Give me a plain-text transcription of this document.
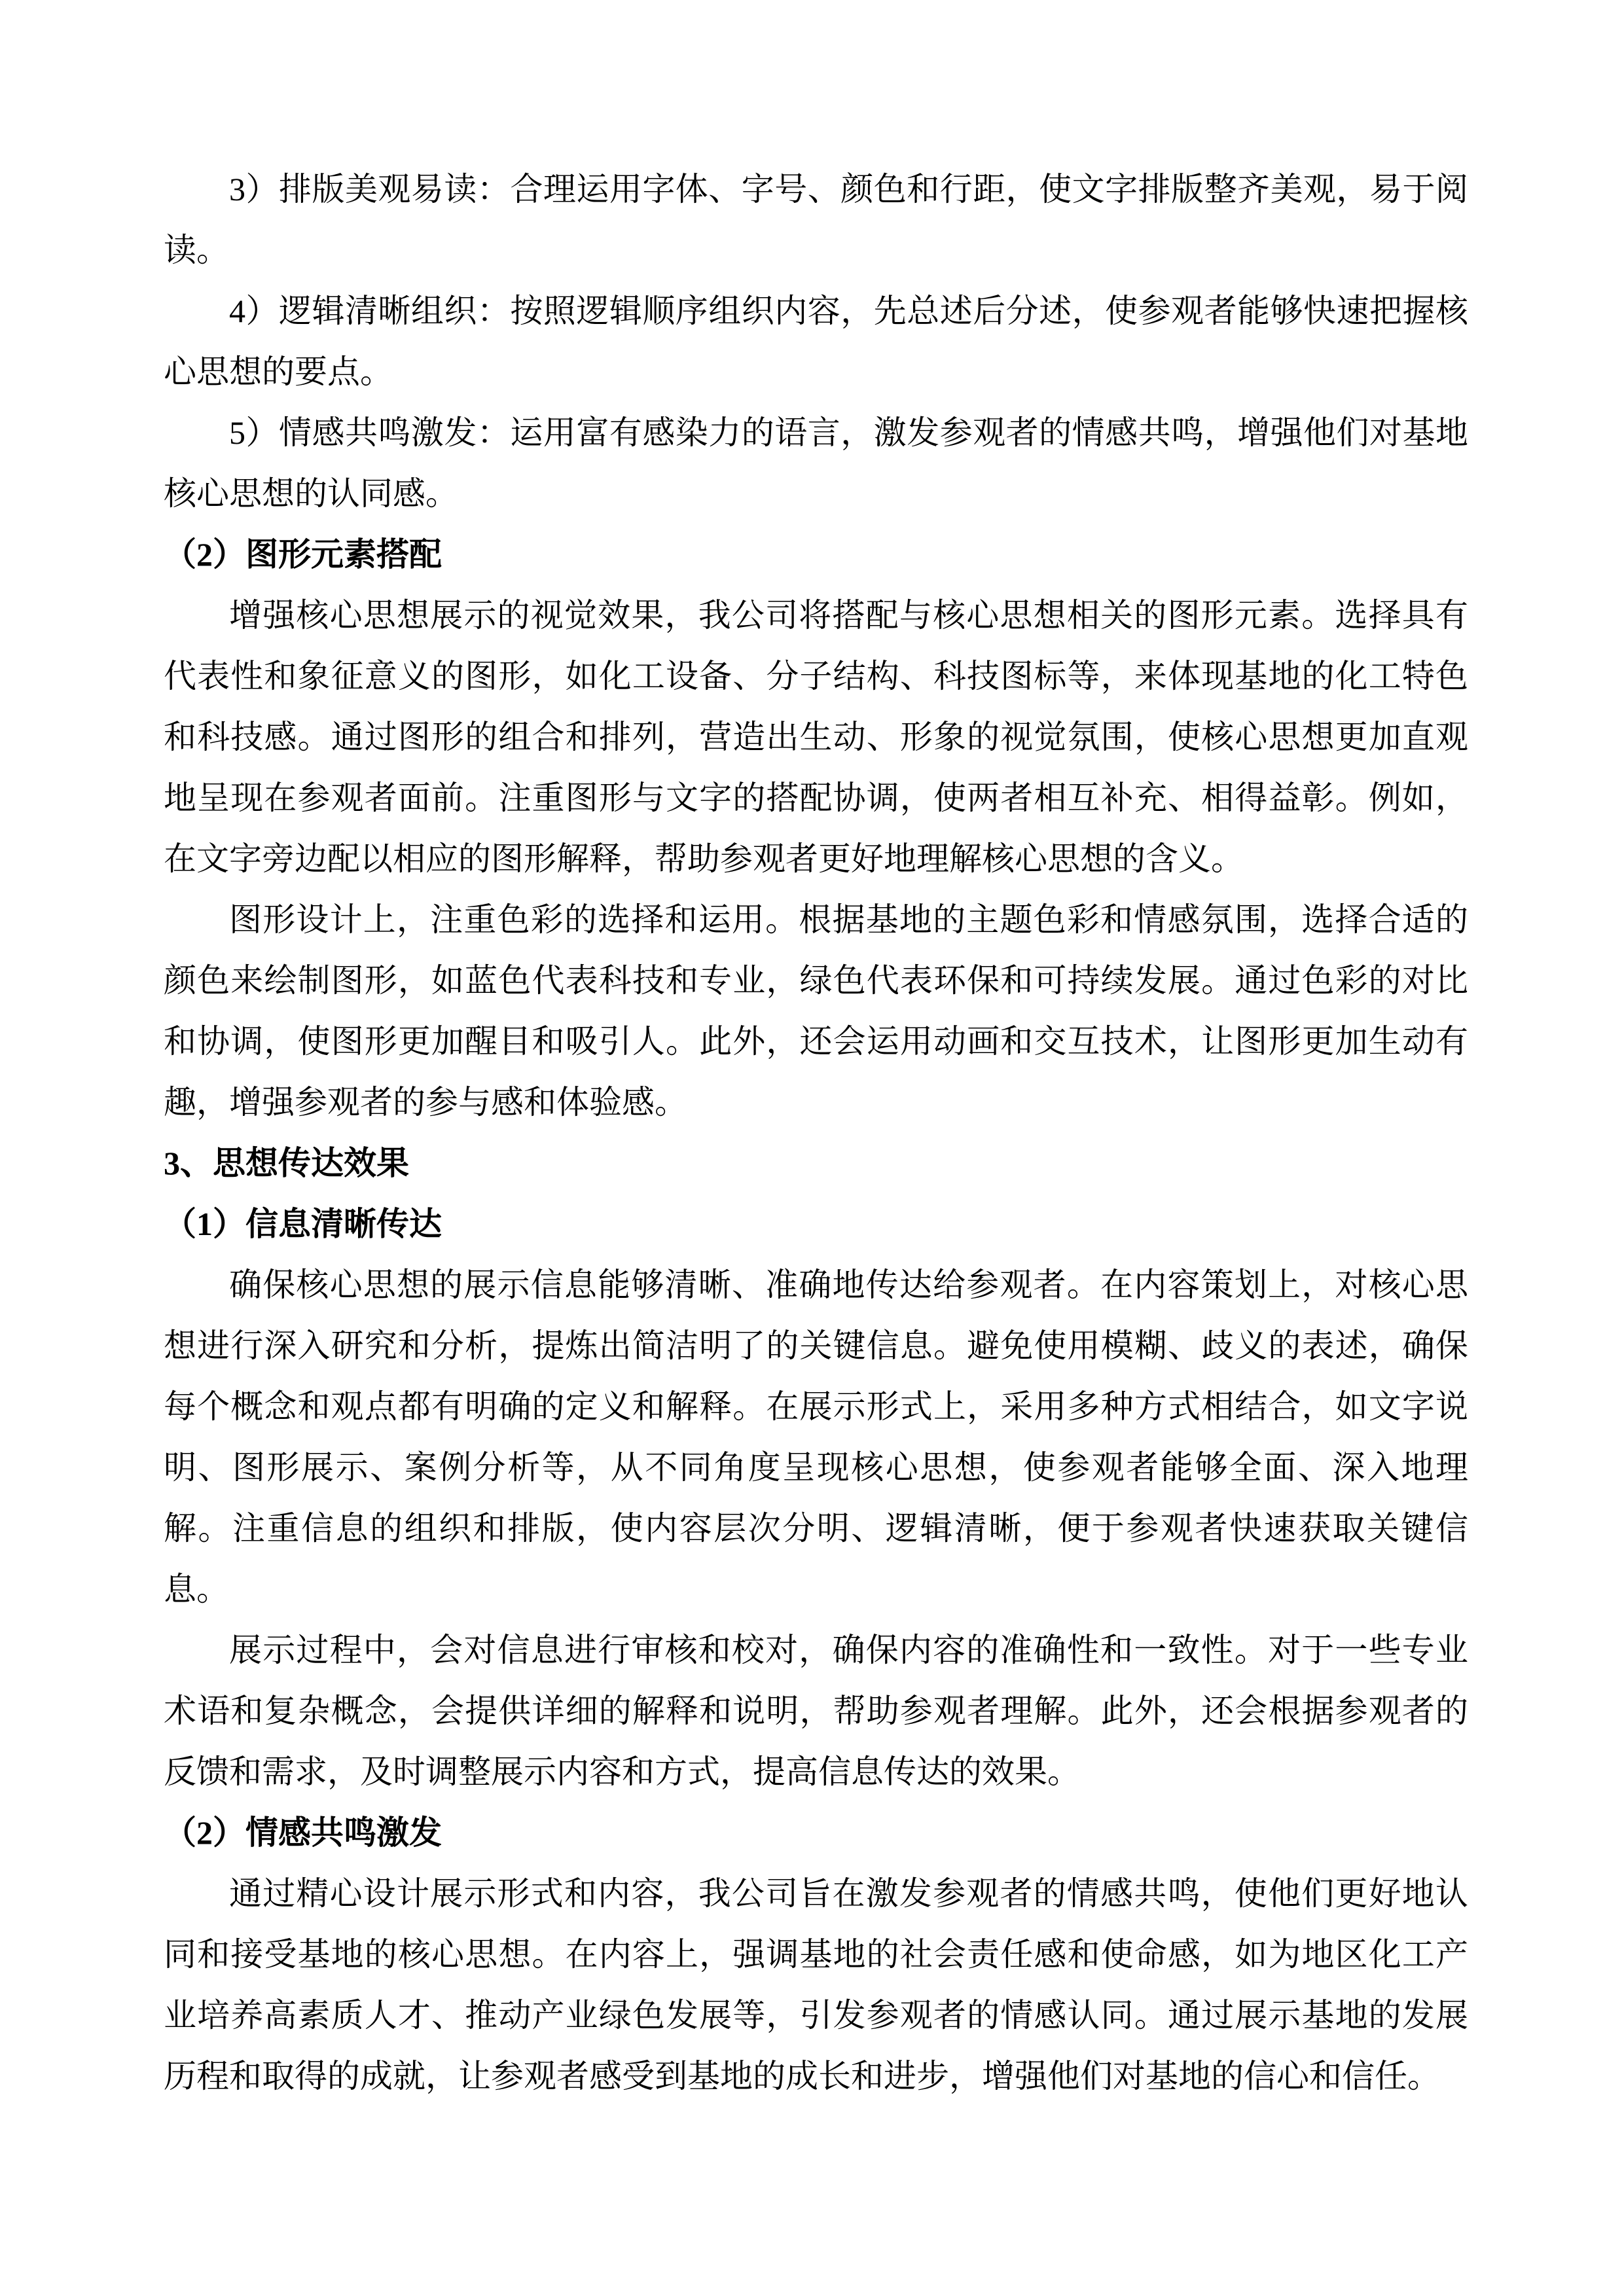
3）排版美观易读：合理运用字体、字号、颜色和行距，使文字排版整齐美观，易于阅读。

4）逻辑清晰组织：按照逻辑顺序组织内容，先总述后分述，使参观者能够快速把握核心思想的要点。

5）情感共鸣激发：运用富有感染力的语言，激发参观者的情感共鸣，增强他们对基地核心思想的认同感。

（2）图形元素搭配

增强核心思想展示的视觉效果，我公司将搭配与核心思想相关的图形元素。选择具有代表性和象征意义的图形，如化工设备、分子结构、科技图标等，来体现基地的化工特色和科技感。通过图形的组合和排列，营造出生动、形象的视觉氛围，使核心思想更加直观地呈现在参观者面前。注重图形与文字的搭配协调，使两者相互补充、相得益彰。例如，在文字旁边配以相应的图形解释，帮助参观者更好地理解核心思想的含义。

图形设计上，注重色彩的选择和运用。根据基地的主题色彩和情感氛围，选择合适的颜色来绘制图形，如蓝色代表科技和专业，绿色代表环保和可持续发展。通过色彩的对比和协调，使图形更加醒目和吸引人。此外，还会运用动画和交互技术，让图形更加生动有趣，增强参观者的参与感和体验感。

3、思想传达效果

（1）信息清晰传达

确保核心思想的展示信息能够清晰、准确地传达给参观者。在内容策划上，对核心思想进行深入研究和分析，提炼出简洁明了的关键信息。避免使用模糊、歧义的表述，确保每个概念和观点都有明确的定义和解释。在展示形式上，采用多种方式相结合，如文字说明、图形展示、案例分析等，从不同角度呈现核心思想，使参观者能够全面、深入地理解。注重信息的组织和排版，使内容层次分明、逻辑清晰，便于参观者快速获取关键信息。

展示过程中，会对信息进行审核和校对，确保内容的准确性和一致性。对于一些专业术语和复杂概念，会提供详细的解释和说明，帮助参观者理解。此外，还会根据参观者的反馈和需求，及时调整展示内容和方式，提高信息传达的效果。

（2）情感共鸣激发

通过精心设计展示形式和内容，我公司旨在激发参观者的情感共鸣，使他们更好地认同和接受基地的核心思想。在内容上，强调基地的社会责任感和使命感，如为地区化工产业培养高素质人才、推动产业绿色发展等，引发参观者的情感认同。通过展示基地的发展历程和取得的成就，让参观者感受到基地的成长和进步，增强他们对基地的信心和信任。
